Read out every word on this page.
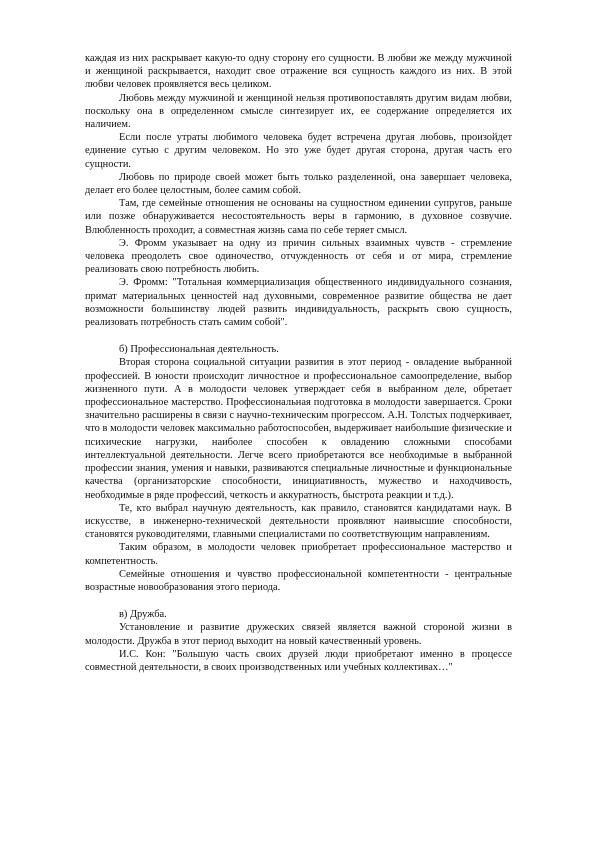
каждая из них раскрывает какую-то одну сторону его сущности. В любви же между мужчиной и женщиной раскрывается, находит свое отражение вся сущность каждого из них. В этой любви человек проявляется весь целиком.

Любовь между мужчиной и женщиной нельзя противопоставлять другим видам любви, поскольку она в определенном смысле синтезирует их, ее содержание определяется их наличием.

Если после утраты любимого человека будет встречена другая любовь, произойдет единение сутью с другим человеком. Но это уже будет другая сторона, другая часть его сущности.

Любовь по природе своей может быть только разделенной, она завершает человека, делает его более целостным, более самим собой.

Там, где семейные отношения не основаны на сущностном единении супругов, раньше или позже обнаруживается несостоятельность веры в гармонию, в духовное созвучие. Влюбленность проходит, а совместная жизнь сама по себе теряет смысл.

Э. Фромм указывает на одну из причин сильных взаимных чувств - стремление человека преодолеть свое одиночество, отчужденность от себя и от мира, стремление реализовать свою потребность любить.

Э. Фромм: "Тотальная коммерциализация общественного индивидуального сознания, примат материальных ценностей над духовными, современное развитие общества не дает возможности большинству людей развить индивидуальность, раскрыть свою сущность, реализовать потребность стать самим собой".

б) Профессиональная деятельность.

Вторая сторона социальной ситуации развития в этот период - овладение выбранной профессией. В юности происходит личностное и профессиональное самоопределение, выбор жизненного пути. А в молодости человек утверждает себя в выбранном деле, обретает профессиональное мастерство. Профессиональная подготовка в молодости завершается. Сроки значительно расширены в связи с научно-техническим прогрессом. А.Н. Толстых подчеркивает, что в молодости человек максимально работоспособен, выдерживает наибольшие физические и психические нагрузки, наиболее способен к овладению сложными способами интеллектуальной деятельности. Легче всего приобретаются все необходимые в выбранной профессии знания, умения и навыки, развиваются специальные личностные и функциональные качества (организаторские способности, инициативность, мужество и находчивость, необходимые в ряде профессий, четкость и аккуратность, быстрота реакции и т.д.).

Те, кто выбрал научную деятельность, как правило, становятся кандидатами наук. В искусстве, в инженерно-технической деятельности проявляют наивысшие способности, становятся руководителями, главными специалистами по соответствующим направлениям.

Таким образом, в молодости человек приобретает профессиональное мастерство и компетентность.

Семейные отношения и чувство профессиональной компетентности - центральные возрастные новообразования этого периода.

в) Дружба.

Установление и развитие дружеских связей является важной стороной жизни в молодости. Дружба в этот период выходит на новый качественный уровень.

И.С. Кон: "Большую часть своих друзей люди приобретают именно в процессе совместной деятельности, в своих производственных или учебных коллективах…"
